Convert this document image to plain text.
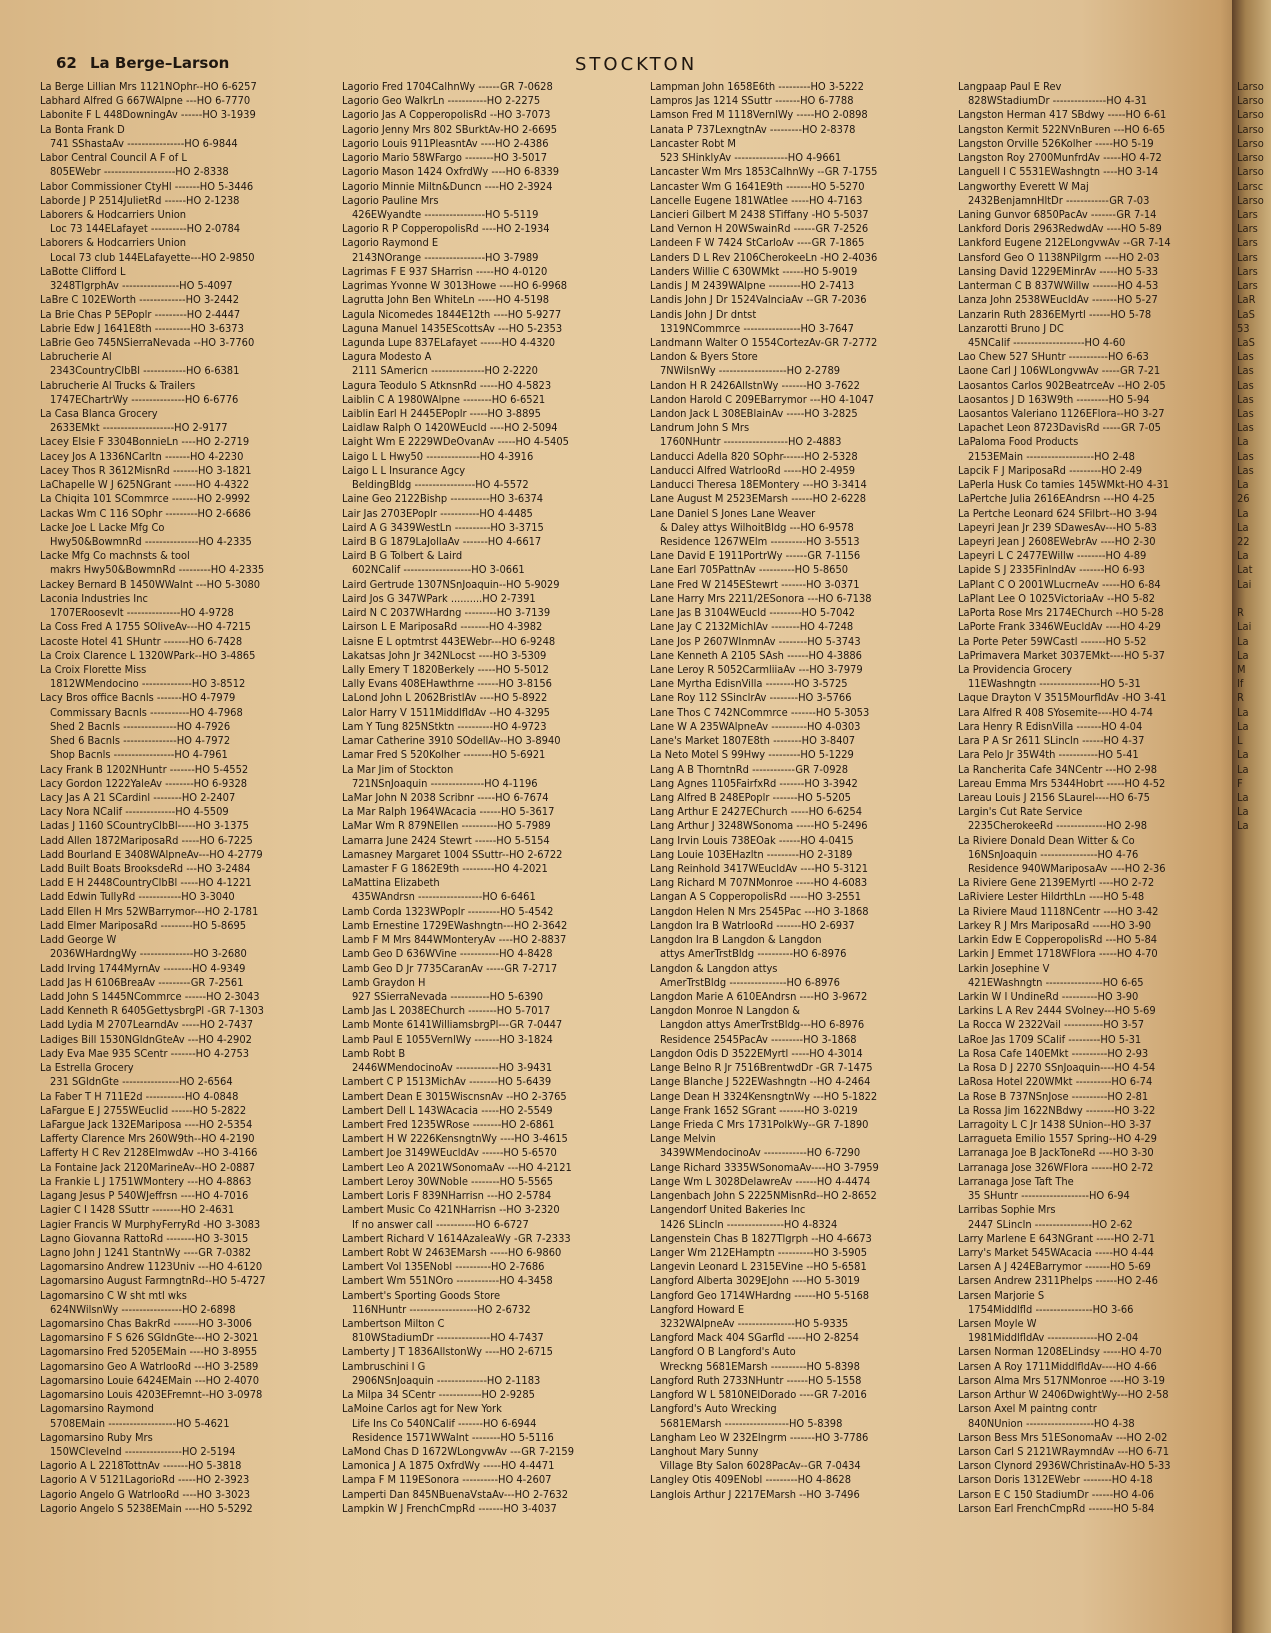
62 La Berge–Larson	STOCKTON
La Berge Lillian Mrs 1121NOphr--HO 6-6257
Labhard Alfred G 667WAlpne ---HO 6-7770
Labonite F L 448DowningAv ------HO 3-1939
La Bonta Frank D
741 SShastaAv ----------------HO 6-9844
Labor Central Council A F of L
805EWebr --------------------HO 2-8338
Labor Commissioner CtyHl -------HO 5-3446
Laborde J P 2514JulietRd ------HO 2-1238
Laborers & Hodcarriers Union
Loc 73 144ELafayet ----------HO 2-0784
Laborers & Hodcarriers Union
Local 73 club 144ELafayette---HO 2-9850
LaBotte Clifford L
3248TlgrphAv ----------------HO 5-4097
LaBre C 102EWorth -------------HO 3-2442
La Brie Chas P 5EPoplr ---------HO 2-4447
Labrie Edw J 1641E8th ----------HO 3-6373
LaBrie Geo 745NSierraNevada --HO 3-7760
Labrucherie Al
2343CountryClbBl ------------HO 6-6381
Labrucherie Al Trucks & Trailers
1747EChartrWy ---------------HO 6-6776
La Casa Blanca Grocery
2633EMkt --------------------HO 2-9177
Lacey Elsie F 3304BonnieLn ----HO 2-2719
Lacey Jos A 1336NCarltn -------HO 4-2230
Lacey Thos R 3612MisnRd -------HO 3-1821
LaChapelle W J 625NGrant ------HO 4-4322
La Chiqita 101 SCommrce -------HO 2-9992
Lackas Wm C 116 SOphr ---------HO 2-6686
Lacke Joe L Lacke Mfg Co
Hwy50&BowmnRd ---------------HO 4-2335
Lacke Mfg Co machnsts & tool
makrs Hwy50&BowmnRd ---------HO 4-2335
Lackey Bernard B 1450WWalnt ---HO 5-3080
Laconia Industries Inc
1707ERoosevlt ---------------HO 4-9728
La Coss Fred A 1755 SOliveAv---HO 4-7215
Lacoste Hotel 41 SHuntr -------HO 6-7428
La Croix Clarence L 1320WPark--HO 3-4865
La Croix Florette Miss
1812WMendocino --------------HO 3-8512
Lacy Bros office Bacnls -------HO 4-7979
Commissary Bacnls -----------HO 4-7968
Shed 2 Bacnls ---------------HO 4-7926
Shed 6 Bacnls ---------------HO 4-7972
Shop Bacnls -----------------HO 4-7961
Lacy Frank B 1202NHuntr -------HO 5-4552
Lacy Gordon 1222YaleAv --------HO 6-9328
Lacy Jas A 21 SCardinl --------HO 2-2407
Lacy Nora NCalif --------------HO 4-5509
Ladas J 1160 SCountryClbBl-----HO 3-1375
Ladd Allen 1872MariposaRd -----HO 6-7225
Ladd Bourland E 3408WAlpneAv---HO 4-2779
Ladd Built Boats BrooksdeRd ---HO 3-2484
Ladd E H 2448CountryClbBl -----HO 4-1221
Ladd Edwin TullyRd ------------HO 3-3040
Ladd Ellen H Mrs 52WBarrymor---HO 2-1781
Ladd Elmer MariposaRd ---------HO 5-8695
Ladd George W
2036WHardngWy ---------------HO 3-2680
Ladd Irving 1744MyrnAv --------HO 4-9349
Ladd Jas H 6106BreaAv ---------GR 7-2561
Ladd John S 1445NCommrce ------HO 2-3043
Ladd Kenneth R 6405GettysbrgPl -GR 7-1303
Ladd Lydia M 2707LearndAv -----HO 2-7437
Ladiges Bill 1530NGldnGteAv ---HO 4-2902
Lady Eva Mae 935 SCentr -------HO 4-2753
La Estrella Grocery
231 SGldnGte ----------------HO 2-6564
La Faber T H 711E2d -----------HO 4-0848
LaFargue E J 2755WEuclid ------HO 5-2822
LaFargue Jack 132EMariposa ----HO 2-5354
Lafferty Clarence Mrs 260W9th--HO 4-2190
Lafferty H C Rev 2128ElmwdAv --HO 3-4166
La Fontaine Jack 2120MarineAv--HO 2-0887
La Frankie L J 1751WMontery ---HO 4-8863
Lagang Jesus P 540WJeffrsn ----HO 4-7016
Lagier C I 1428 SSuttr --------HO 2-4631
Lagier Francis W MurphyFerryRd -HO 3-3083
Lagno Giovanna RattoRd --------HO 3-3015
Lagno John J 1241 StantnWy ----GR 7-0382
Lagomarsino Andrew 1123Univ ---HO 4-6120
Lagomarsino August FarmngtnRd--HO 5-4727
Lagomarsino C W sht mtl wks
624NWilsnWy -----------------HO 2-6898
Lagomarsino Chas BakrRd -------HO 3-3006
Lagomarsino F S 626 SGldnGte---HO 2-3021
Lagomarsino Fred 5205EMain ----HO 3-8955
Lagomarsino Geo A WatrlooRd ---HO 3-2589
Lagomarsino Louie 6424EMain ---HO 2-4070
Lagomarsino Louis 4203EFremnt--HO 3-0978
Lagomarsino Raymond
5708EMain -------------------HO 5-4621
Lagomarsino Ruby Mrs
150WClevelnd ----------------HO 2-5194
Lagorio A L 2218TottnAv -------HO 5-3818
Lagorio A V 5121LagorioRd -----HO 2-3923
Lagorio Angelo G WatrlooRd ----HO 3-3023
Lagorio Angelo S 5238EMain ----HO 5-5292
Lagorio Fred 1704CalhnWy ------GR 7-0628
Lagorio Geo WalkrLn -----------HO 2-2275
Lagorio Jas A CopperopolisRd --HO 3-7073
Lagorio Jenny Mrs 802 SBurktAv-HO 2-6695
Lagorio Louis 911PleasntAv ----HO 2-4386
Lagorio Mario 58WFargo --------HO 3-5017
Lagorio Mason 1424 OxfrdWy ----HO 6-8339
Lagorio Minnie Miltn&Duncn ----HO 2-3924
Lagorio Pauline Mrs
426EWyandte -----------------HO 5-5119
Lagorio R P CopperopolisRd ----HO 2-1934
Lagorio Raymond E
2143NOrange -----------------HO 3-7989
Lagrimas F E 937 SHarrisn -----HO 4-0120
Lagrimas Yvonne W 3013Howe ----HO 6-9968
Lagrutta John Ben WhiteLn -----HO 4-5198
Lagula Nicomedes 1844E12th ----HO 5-9277
Laguna Manuel 1435EScottsAv ---HO 5-2353
Lagunda Lupe 837ELafayet ------HO 4-4320
Lagura Modesto A
2111 SAmericn ---------------HO 2-2220
Lagura Teodulo S AtknsnRd -----HO 4-5823
Laiblin C A 1980WAlpne --------HO 6-6521
Laiblin Earl H 2445EPoplr -----HO 3-8895
Laidlaw Ralph O 1420WEucld ----HO 2-5094
Laight Wm E 2229WDeOvanAv -----HO 4-5405
Laigo L L Hwy50 ---------------HO 4-3916
Laigo L L Insurance Agcy
BeldingBldg -----------------HO 4-5572
Laine Geo 2122Bishp -----------HO 3-6374
Lair Jas 2703EPoplr -----------HO 4-4485
Laird A G 3439WestLn ----------HO 3-3715
Laird B G 1879LaJollaAv -------HO 4-6617
Laird B G Tolbert & Laird
602NCalif -------------------HO 3-0661
Laird Gertrude 1307NSnJoaquin--HO 5-9029
Laird Jos G 347WPark ..........HO 2-7391
Laird N C 2037WHardng ---------HO 3-7139
Lairson L E MariposaRd --------HO 4-3982
Laisne E L optmtrst 443EWebr---HO 6-9248
Lakatsas John Jr 342NLocst ----HO 3-5309
Lally Emery T 1820Berkely -----HO 5-5012
Lally Evans 408EHawthrne ------HO 3-8156
LaLond John L 2062BristlAv ----HO 5-8922
Lalor Harry V 1511MiddlfldAv --HO 4-3295
Lam Y Tung 825NStktn ----------HO 4-9723
Lamar Catherine 3910 SOdellAv--HO 3-8940
Lamar Fred S 520Kolher --------HO 5-6921
La Mar Jim of Stockton
721NSnJoaquin ---------------HO 4-1196
LaMar John N 2038 Scribnr -----HO 6-7674
La Mar Ralph 1964WAcacia ------HO 5-3617
LaMar Wm R 879NEllen ----------HO 5-7989
Lamarra June 2424 Stewrt ------HO 5-5154
Lamasney Margaret 1004 SSuttr--HO 2-6722
Lamaster F G 1862E9th ---------HO 4-2021
LaMattina Elizabeth
435WAndrsn ------------------HO 6-6461
Lamb Corda 1323WPoplr ---------HO 5-4542
Lamb Ernestine 1729EWashngtn---HO 2-3642
Lamb F M Mrs 844WMonteryAv ----HO 2-8837
Lamb Geo D 636WVine -----------HO 4-8428
Lamb Geo D Jr 7735CaranAv -----GR 7-2717
Lamb Graydon H
927 SSierraNevada -----------HO 5-6390
Lamb Jas L 2038EChurch --------HO 5-7017
Lamb Monte 6141WilliamsbrgPl---GR 7-0447
Lamb Paul E 1055VernlWy -------HO 3-1824
Lamb Robt B
2446WMendocinoAv ------------HO 3-9431
Lambert C P 1513MichAv --------HO 5-6439
Lambert Dean E 3015WiscnsnAv --HO 2-3765
Lambert Dell L 143WAcacia -----HO 2-5549
Lambert Fred 1235WRose --------HO 2-6861
Lambert H W 2226KensngtnWy ----HO 3-4615
Lambert Joe 3149WEucldAv ------HO 5-6570
Lambert Leo A 2021WSonomaAv ---HO 4-2121
Lambert Leroy 30WNoble --------HO 5-5565
Lambert Loris F 839NHarrisn ---HO 2-5784
Lambert Music Co 421NHarrisn --HO 3-2320
If no answer call -----------HO 6-6727
Lambert Richard V 1614AzaleaWy -GR 7-2333
Lambert Robt W 2463EMarsh -----HO 6-9860
Lambert Vol 135ENobl ----------HO 2-7686
Lambert Wm 551NOro ------------HO 4-3458
Lambert's Sporting Goods Store
116NHuntr -------------------HO 2-6732
Lambertson Milton C
810WStadiumDr ---------------HO 4-7437
Lamberty J T 1836AllstonWy ----HO 2-6715
Lambruschini I G
2906NSnJoaquin --------------HO 2-1183
La Milpa 34 SCentr ------------HO 2-9285
LaMoine Carlos agt for New York
Life Ins Co 540NCalif -------HO 6-6944
Residence 1571WWalnt --------HO 5-5116
LaMond Chas D 1672WLongvwAv ---GR 7-2159
Lamonica J A 1875 OxfrdWy -----HO 4-4471
Lampa F M 119ESonora ----------HO 4-2607
Lamperti Dan 845NBuenaVstaAv---HO 2-7632
Lampkin W J FrenchCmpRd -------HO 3-4037
Lampman John 1658E6th ---------HO 3-5222
Lampros Jas 1214 SSuttr -------HO 6-7788
Lamson Fred M 1118VernlWy -----HO 2-0898
Lanata P 737LexngtnAv ---------HO 2-8378
Lancaster Robt M
523 SHinklyAv ---------------HO 4-9661
Lancaster Wm Mrs 1853CalhnWy --GR 7-1755
Lancaster Wm G 1641E9th -------HO 5-5270
Lancelle Eugene 181WAtlee -----HO 4-7163
Lancieri Gilbert M 2438 STiffany -HO 5-5037
Land Vernon H 20WSwainRd ------GR 7-2526
Landeen F W 7424 StCarloAv ----GR 7-1865
Landers D L Rev 2106CherokeeLn -HO 2-4036
Landers Willie C 630WMkt ------HO 5-9019
Landis J M 2439WAlpne ---------HO 2-7413
Landis John J Dr 1524ValnciaAv --GR 7-2036
Landis John J Dr dntst
1319NCommrce ----------------HO 3-7647
Landmann Walter O 1554CortezAv-GR 7-2772
Landon & Byers Store
7NWilsnWy -------------------HO 2-2789
Landon H R 2426AllstnWy -------HO 3-7622
Landon Harold C 209EBarrymor ---HO 4-1047
Landon Jack L 308EBlainAv -----HO 3-2825
Landrum John S Mrs
1760NHuntr ------------------HO 2-4883
Landucci Adella 820 SOphr------HO 2-5328
Landucci Alfred WatrlooRd -----HO 2-4959
Landucci Theresa 18EMontery ---HO 3-3414
Lane August M 2523EMarsh ------HO 2-6228
Lane Daniel S Jones Lane Weaver
& Daley attys WilhoitBldg ---HO 6-9578
Residence 1267WElm ----------HO 3-5513
Lane David E 1911PortrWy ------GR 7-1156
Lane Earl 705PattnAv ----------HO 5-8650
Lane Fred W 2145EStewrt -------HO 3-0371
Lane Harry Mrs 2211/2ESonora ---HO 6-7138
Lane Jas B 3104WEucld ---------HO 5-7042
Lane Jay C 2132MichlAv --------HO 4-7248
Lane Jos P 2607WInmnAv --------HO 5-3743
Lane Kenneth A 2105 SAsh ------HO 4-3886
Lane Leroy R 5052CarmliiaAv ---HO 3-7979
Lane Myrtha EdisnVilla --------HO 3-5725
Lane Roy 112 SSinclrAv --------HO 3-5766
Lane Thos C 742NCommrce -------HO 5-3053
Lane W A 235WAlpneAv ----------HO 4-0303
Lane's Market 1807E8th --------HO 3-8407
La Neto Motel S 99Hwy ---------HO 5-1229
Lang A B ThorntnRd ------------GR 7-0928
Lang Agnes 1105FairfxRd -------HO 3-3942
Lang Alfred B 248EPoplr -------HO 5-5205
Lang Arthur E 2427EChurch -----HO 6-6254
Lang Arthur J 3248WSonoma -----HO 5-2496
Lang Irvin Louis 738EOak ------HO 4-0415
Lang Louie 103EHazltn ---------HO 2-3189
Lang Reinhold 3417WEucldAv ----HO 5-3121
Lang Richard M 707NMonroe -----HO 4-6083
Langan A S CopperopolisRd -----HO 3-2551
Langdon Helen N Mrs 2545Pac ---HO 3-1868
Langdon Ira B WatrlooRd -------HO 2-6937
Langdon Ira B Langdon & Langdon
attys AmerTrstBldg ----------HO 6-8976
Langdon & Langdon attys
AmerTrstBldg ----------------HO 6-8976
Langdon Marie A 610EAndrsn ----HO 3-9672
Langdon Monroe N Langdon &
Langdon attys AmerTrstBldg---HO 6-8976
Residence 2545PacAv ---------HO 3-1868
Langdon Odis D 3522EMyrtl -----HO 4-3014
Lange Belno R Jr 7516BrentwdDr -GR 7-1475
Lange Blanche J 522EWashngtn --HO 4-2464
Lange Dean H 3324KensngtnWy ---HO 5-1822
Lange Frank 1652 SGrant -------HO 3-0219
Lange Frieda C Mrs 1731PolkWy--GR 7-1890
Lange Melvin
3439WMendocinoAv ------------HO 6-7290
Lange Richard 3335WSonomaAv----HO 3-7959
Lange Wm L 3028DelawreAv ------HO 4-4474
Langenbach John S 2225NMisnRd--HO 2-8652
Langendorf United Bakeries Inc
1426 SLincln ----------------HO 4-8324
Langenstein Chas B 1827Tlgrph --HO 4-6673
Langer Wm 212EHamptn ----------HO 3-5905
Langevin Leonard L 2315EVine --HO 5-6581
Langford Alberta 3029EJohn ----HO 5-3019
Langford Geo 1714WHardng ------HO 5-5168
Langford Howard E
3232WAlpneAv ----------------HO 5-9335
Langford Mack 404 SGarfld -----HO 2-8254
Langford O B Langford's Auto
Wreckng 5681EMarsh ----------HO 5-8398
Langford Ruth 2733NHuntr ------HO 5-1558
Langford W L 5810NElDorado ----GR 7-2016
Langford's Auto Wrecking
5681EMarsh ------------------HO 5-8398
Langham Leo W 232Elngrm -------HO 3-7786
Langhout Mary Sunny
Village Bty Salon 6028PacAv--GR 7-0434
Langley Otis 409ENobl ---------HO 4-8628
Langlois Arthur J 2217EMarsh --HO 3-7496
Langpaap Paul E Rev
828WStadiumDr ---------------HO 4-31
Langston Herman 417 SBdwy -----HO 6-61
Langston Kermit 522NVnBuren ---HO 6-65
Langston Orville 526Kolher -----HO 5-19
Langston Roy 2700MunfrdAv -----HO 4-72
Languell I C 5531EWashngtn ----HO 3-14
Langworthy Everett W Maj
2432BenjamnHltDr ------------GR 7-03
Laning Gunvor 6850PacAv -------GR 7-14
Lankford Doris 2963RedwdAv ----HO 5-89
Lankford Eugene 212ELongvwAv --GR 7-14
Lansford Geo O 1138NPilgrm ----HO 2-03
Lansing David 1229EMinrAv -----HO 5-33
Lanterman C B 837WWillw -------HO 4-53
Lanza John 2538WEucldAv -------HO 5-27
Lanzarin Ruth 2836EMyrtl ------HO 5-78
Lanzarotti Bruno J DC
45NCalif --------------------HO 4-60
Lao Chew 527 SHuntr -----------HO 6-63
Laone Carl J 106WLongvwAv -----GR 7-21
Laosantos Carlos 902BeatrceAv --HO 2-05
Laosantos J D 163W9th ---------HO 5-94
Laosantos Valeriano 1126EFlora--HO 3-27
Lapachet Leon 8723DavisRd -----GR 7-05
LaPaloma Food Products
2153EMain -------------------HO 2-48
Lapcik F J MariposaRd ---------HO 2-49
LaPerla Husk Co tamies 145WMkt-HO 4-31
LaPertche Julia 2616EAndrsn ---HO 4-25
La Pertche Leonard 624 SFilbrt--HO 3-94
Lapeyri Jean Jr 239 SDawesAv---HO 5-83
Lapeyri Jean J 2608EWebrAv ----HO 2-30
Lapeyri L C 2477EWillw --------HO 4-89
Lapide S J 2335FinlndAv -------HO 6-93
LaPlant C O 2001WLucrneAv -----HO 6-84
LaPlant Lee O 1025VictoriaAv --HO 5-82
LaPorta Rose Mrs 2174EChurch --HO 5-28
LaPorte Frank 3346WEucldAv ----HO 4-29
La Porte Peter 59WCastl -------HO 5-52
LaPrimavera Market 3037EMkt----HO 5-37
La Providencia Grocery
11EWashngtn -----------------HO 5-31
Laque Drayton V 3515MourfldAv -HO 3-41
Lara Alfred R 408 SYosemite----HO 4-74
Lara Henry R EdisnVilla -------HO 4-04
Lara P A Sr 2611 SLincln ------HO 4-37
Lara Pelo Jr 35W4th -----------HO 5-41
La Rancherita Cafe 34NCentr ---HO 2-98
Lareau Emma Mrs 5344Hobrt -----HO 4-52
Lareau Louis J 2156 SLaurel----HO 6-75
Largin's Cut Rate Service
2235CherokeeRd --------------HO 2-98
La Riviere Donald Dean Witter & Co
16NSnJoaquin ----------------HO 4-76
Residence 940WMariposaAv ----HO 2-36
La Riviere Gene 2139EMyrtl ----HO 2-72
LaRiviere Lester HildrthLn ----HO 5-48
La Riviere Maud 1118NCentr ----HO 3-42
Larkey R J Mrs MariposaRd -----HO 3-90
Larkin Edw E CopperopolisRd ---HO 5-84
Larkin J Emmet 1718WFlora -----HO 4-70
Larkin Josephine V
421EWashngtn ----------------HO 6-65
Larkin W I UndineRd ----------HO 3-90
Larkins L A Rev 2444 SVolney---HO 5-69
La Rocca W 2322Vail -----------HO 3-57
LaRoe Jas 1709 SCalif ---------HO 5-31
La Rosa Cafe 140EMkt ----------HO 2-93
La Rosa D J 2270 SSnJoaquin----HO 4-54
LaRosa Hotel 220WMkt ----------HO 6-74
La Rose B 737NSnJose ----------HO 2-81
La Rossa Jim 1622NBdwy --------HO 3-22
Larragoity L C Jr 1438 SUnion--HO 3-37
Larragueta Emilio 1557 Spring--HO 4-29
Larranaga Joe B JackToneRd ----HO 3-30
Larranaga Jose 326WFlora ------HO 2-72
Larranaga Jose Taft The
35 SHuntr -------------------HO 6-94
Larribas Sophie Mrs
2447 SLincln ----------------HO 2-62
Larry Marlene E 643NGrant -----HO 2-71
Larry's Market 545WAcacia -----HO 4-44
Larsen A J 424EBarrymor -------HO 5-69
Larsen Andrew 2311Phelps ------HO 2-46
Larsen Marjorie S
1754Middlfld ----------------HO 3-66
Larsen Moyle W
1981MiddlfldAv --------------HO 2-04
Larsen Norman 1208ELindsy -----HO 4-70
Larsen A Roy 1711MiddlfldAv----HO 4-66
Larson Alma Mrs 517NMonroe ----HO 3-19
Larson Arthur W 2406DwightWy---HO 2-58
Larson Axel M paintng contr
840NUnion -------------------HO 4-38
Larson Bess Mrs 51ESonomaAv ---HO 2-02
Larson Carl S 2121WRaymndAv ---HO 6-71
Larson Clynord 2936WChristinaAv-HO 5-33
Larson Doris 1312EWebr --------HO 4-18
Larson E C 150 StadiumDr ------HO 4-06
Larson Earl FrenchCmpRd -------HO 5-84
Larso
Larso
Larso
Larso
Larso
Larso
Larso
Larsc
Larso
Lars
Lars
Lars
Lars
Lars
Lars
LaR
LaS
53
LaS
Las
Las
Las
Las
Las
Las
La
Las
Las
La
26
La
La
22
La
Lat
Lai
R
Lai
La
La
M
If
R
La
La
L
La
La
F
La
La
La
